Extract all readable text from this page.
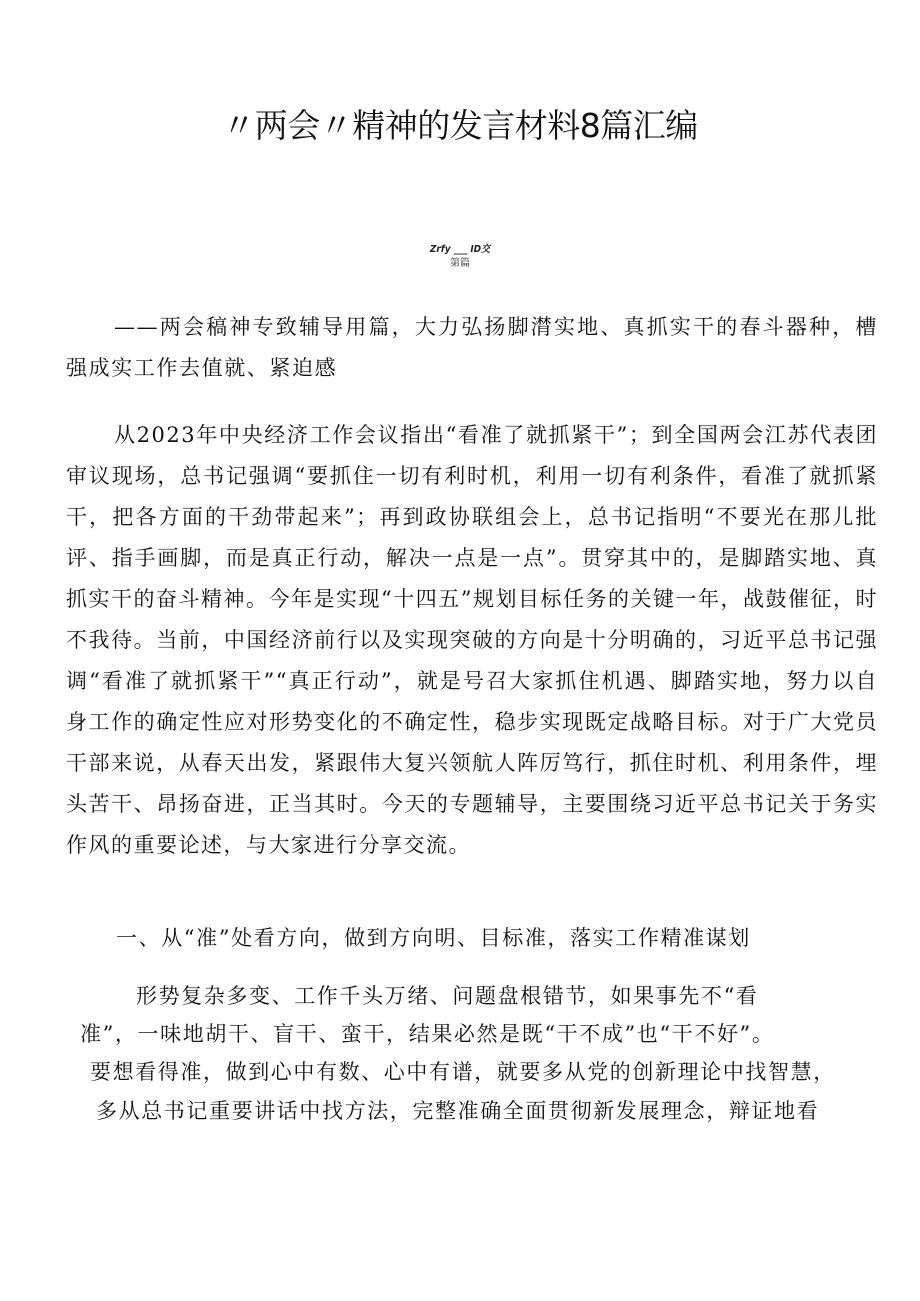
〃两会〃精神的发言材料8篇汇编
Zrfy ___ ID交
第篇

——两会稿神专致辅导用篇，大力弘扬脚潸实地、真抓实干的春斗器种，槽强成实工作去值就、紧迫感

从2023年中央经济工作会议指出“看准了就抓紧干”；到全国两会江苏代表团审议现场，总书记强调“要抓住一切有利时机，利用一切有利条件，看准了就抓紧干，把各方面的干劲带起来”；再到政协联组会上，总书记指明“不要光在那儿批评、指手画脚，而是真正行动，解决一点是一点”。贯穿其中的，是脚踏实地、真抓实干的奋斗精神。今年是实现“十四五”规划目标任务的关键一年，战鼓催征，时不我待。当前，中国经济前行以及实现突破的方向是十分明确的，习近平总书记强调“看准了就抓紧干”“真正行动”，就是号召大家抓住机遇、脚踏实地，努力以自身工作的确定性应对形势变化的不确定性，稳步实现既定战略目标。对于广大党员干部来说，从春天出发，紧跟伟大复兴领航人阵厉笃行，抓住时机、利用条件，埋头苦干、昂扬奋进，正当其时。今天的专题辅导，主要围绕习近平总书记关于务实作风的重要论述，与大家进行分享交流。

一、从“准”处看方向，做到方向明、目标准，落实工作精准谋划
形势复杂多变、工作千头万绪、问题盘根错节，如果事先不“看
准”，一味地胡干、盲干、蛮干，结果必然是既“干不成”也“干不好”。
要想看得准，做到心中有数、心中有谱，就要多从党的创新理论中找智慧，
多从总书记重要讲话中找方法，完整准确全面贯彻新发展理念，辩证地看
